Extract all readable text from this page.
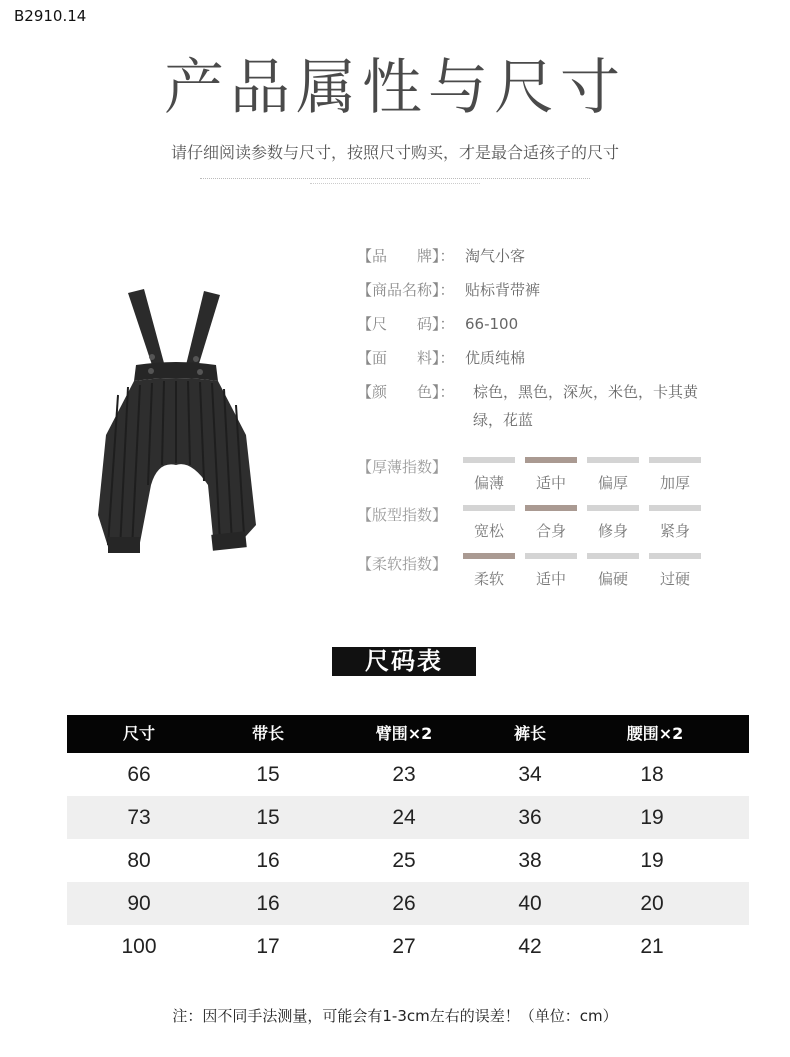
B2910.14
产品属性与尺寸
请仔细阅读参数与尺寸，按照尺寸购买，才是最合适孩子的尺寸
【品　　牌】： 淘气小客
【商品名称】： 贴标背带裤
【尺　　码】： 66-100
【面　　料】： 优质纯棉
【颜　　色】：	棕色，黑色，深灰，米色，卡其黄绿，花蓝
【厚薄指数】
偏薄	适中	偏厚	加厚
【版型指数】
宽松	合身	修身	紧身
【柔软指数】
柔软	适中	偏硬	过硬
尺码表
尺寸	带长	臂围×2	裤长	腰围×2
66	15	23	34	18
73	15	24	36	19
80	16	25	38	19
90	16	26	40	20
100	17	27	42	21
注：因不同手法测量，可能会有1-3cm左右的误差！（单位：cm）
